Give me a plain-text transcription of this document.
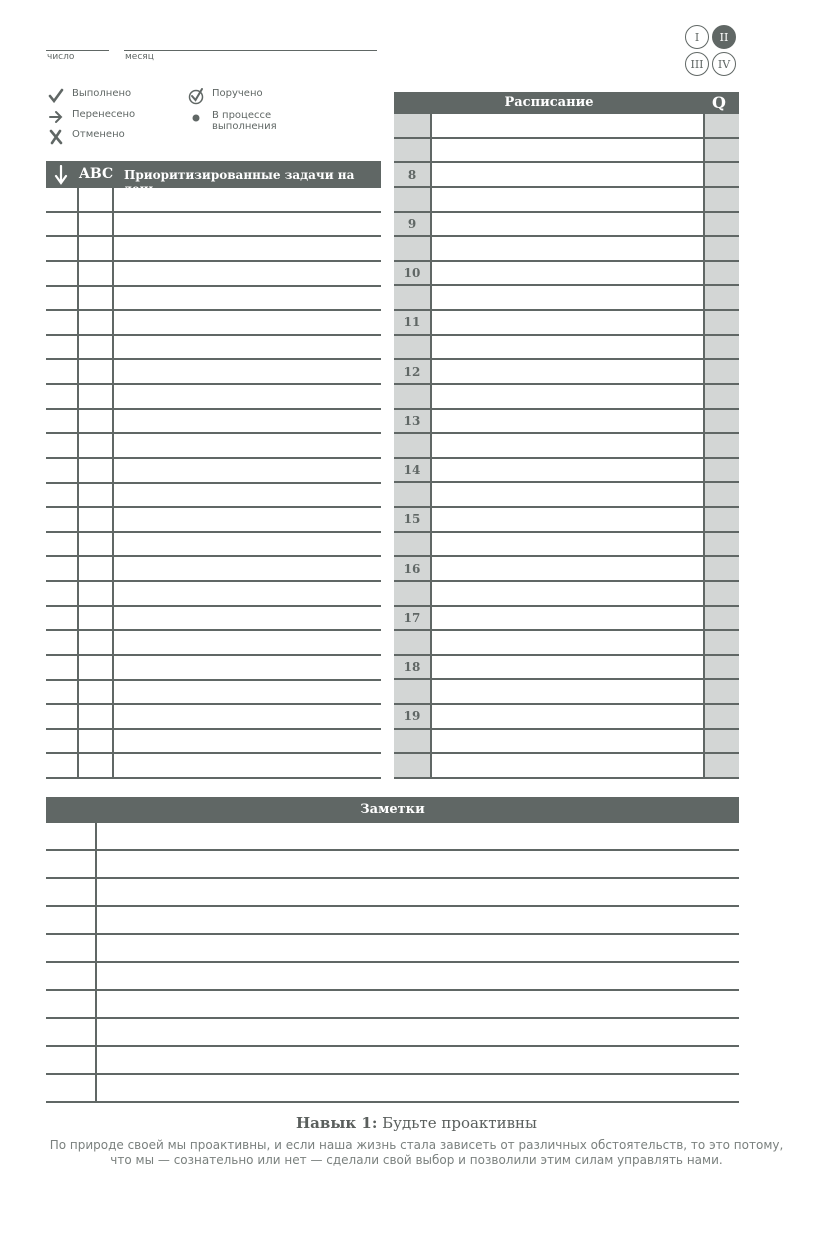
число	месяц
I	II
III	IV
Выполнено
Перенесено
Отменено
Поручено
В процессе
выполнения
ABC Приоритизированные задачи на день
Расписание	Q
8
9
10
11
12
13
14
15
16
17
18
19
Заметки
Навык 1: Будьте проактивны
По природе своей мы проактивны, и если наша жизнь стала зависеть от различных обстоятельств, то это потому, что мы — сознательно или нет — сделали свой выбор и позволили этим силам управлять нами.
